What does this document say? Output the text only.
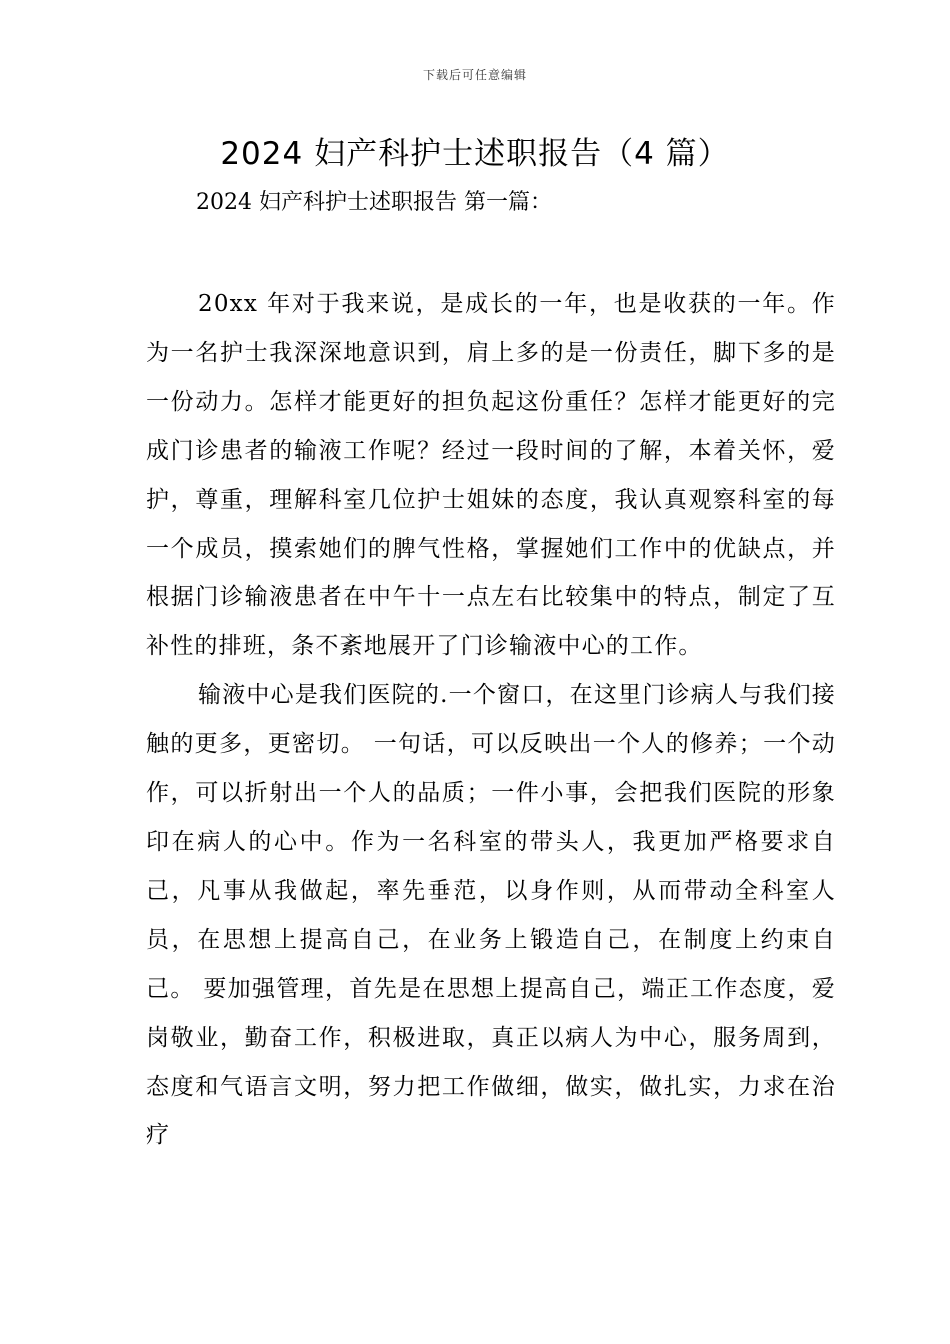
下载后可任意编辑
2024 妇产科护士述职报告（4 篇）
2024 妇产科护士述职报告 第一篇：

20xx 年对于我来说，是成长的一年，也是收获的一年。作为一名护士我深深地意识到，肩上多的是一份责任，脚下多的是一份动力。怎样才能更好的担负起这份重任？怎样才能更好的完成门诊患者的输液工作呢？经过一段时间的了解，本着关怀，爱护，尊重，理解科室几位护士姐妹的态度，我认真观察科室的每一个成员，摸索她们的脾气性格，掌握她们工作中的优缺点，并根据门诊输液患者在中午十一点左右比较集中的特点，制定了互补性的排班，条不紊地展开了门诊输液中心的工作。

输液中心是我们医院的.一个窗口，在这里门诊病人与我们接触的更多，更密切。 一句话，可以反映出一个人的修养；一个动作，可以折射出一个人的品质；一件小事，会把我们医院的形象印在病人的心中。作为一名科室的带头人，我更加严格要求自己，凡事从我做起，率先垂范，以身作则，从而带动全科室人员，在思想上提高自己，在业务上锻造自己，在制度上约束自己。 要加强管理，首先是在思想上提高自己，端正工作态度，爱岗敬业，勤奋工作，积极进取，真正以病人为中心，服务周到，态度和气语言文明，努力把工作做细，做实，做扎实，力求在治疗
